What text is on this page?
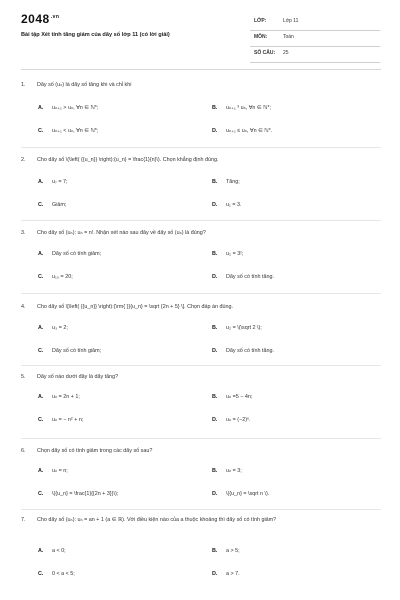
$2048^{.vn}$
Bài tập Xét tính tăng giảm của dãy số lớp 11 (có lời giải)
LỚP:	Lớp 11
MÔN:	Toán
SỐ CÂU: 25
1. Dãy số (uₙ) là dãy số tăng khi và chỉ khi
A. uₙ₊₁ > uₙ, ∀n ∈ ℕ*;	B. uₙ₊₁ ³ uₙ, ∀n ∈ ℕ*;
C. uₙ₊₁ < uₙ, ∀n ∈ ℕ*;	D. uₙ₊₁ ≤ uₙ, ∀n ∈ ℕ*.
2. Cho dãy số \(\left( {{u_n}} \right):{u_n} = \frac{1}{n}\). Chọn khẳng định đúng.
A. u₇ = 7;	B. Tăng;
C. Giảm;	D. u₁ = 3.
3. Cho dãy số (uₙ): uₙ = n!. Nhận xét nào sau đây về dãy số (uₙ) là đúng?
A. Dãy số có tính giảm;	B. u₂ = 3!;
C. u₁₀ = 20;	D. Dãy số có tính tăng.
4. Cho dãy số \[\left( {{u_n}} \right):{\rm{ }}{u_n} = \sqrt {2n + 5} \]. Chọn đáp án đúng.
A. u₃ = 2;	B. u₂ = \(\sqrt 2 \);
C. Dãy số có tính giảm;	D. Dãy số có tính tăng.
5. Dãy số nào dưới đây là dãy tăng?
A. uₙ = 2n + 1;	B. uₙ =5 − 4n;
C. uₙ = − n² + n;	D. uₙ = (−2)ⁿ.
6. Chọn dãy số có tính giảm trong các dãy số sau?
A. uₙ = n;	B. uₙ = 3;
C. \({u_n} = \frac{1}{{2n + 3}}\);	D. \({u_n} = \sqrt n \).
7. Cho dãy số (uₙ): uₙ = an + 1 (a ∈ ℝ). Với điều kiện nào của a thuộc khoảng thì dãy số có tính giảm?
A. a < 0;	B. a > 5;
C. 0 < a < 5;	D. a > 7.
